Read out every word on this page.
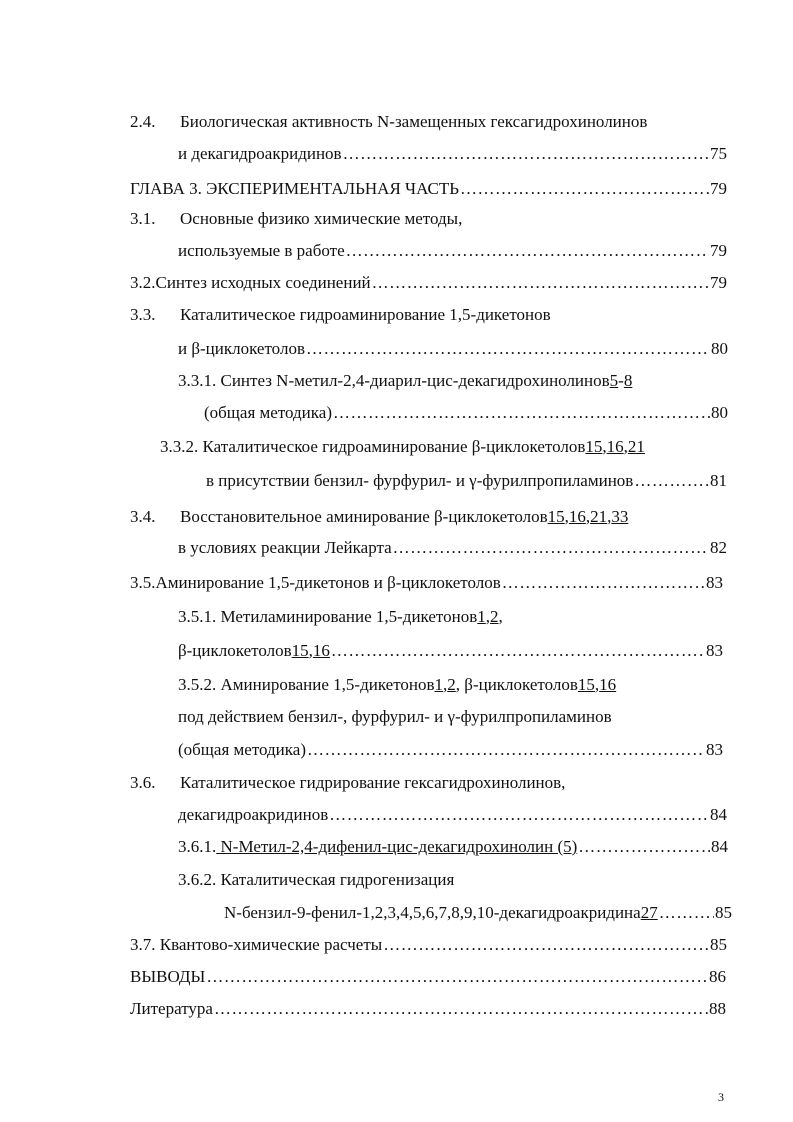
2.4.	Биологическая активность N-замещенных гексагидрохинолинов
и декагидроакридинов …………………………………………………………………………………………………………………………………………………………………………	75
ГЛАВА 3. ЭКСПЕРИМЕНТАЛЬНАЯ ЧАСТЬ …………………………………………………………………………………………………………………………………………………………………………	79
3.1.	Основные физико химические методы,
используемые в работе …………………………………………………………………………………………………………………………………………………………………………	79
3.2. Синтез исходных соединений …………………………………………………………………………………………………………………………………………………………………………	79
3.3.	Каталитическое гидроаминирование 1,5-дикетонов
и β-циклокетолов …………………………………………………………………………………………………………………………………………………………………………	80
3.3.1. Синтез N-метил-2,4-диарил-цис-декагидрохинолинов 5 - 8
(общая методика) …………………………………………………………………………………………………………………………………………………………………………	80
3.3.2. Каталитическое гидроаминирование β-циклокетолов 15 , 16 , 21
в присутствии бензил- фурфурил- и γ-фурилпропиламинов …………………………………………………………………………………………………………………………………………………………………………	81
3.4.	Восстановительное аминирование β-циклокетолов 15 , 16 , 21 , 33
в условиях реакции Лейкарта …………………………………………………………………………………………………………………………………………………………………………	82
3.5. Аминирование 1,5-дикетонов и β-циклокетолов …………………………………………………………………………………………………………………………………………………………………………	83
3.5.1. Метиламинирование 1,5-дикетонов 1 , 2 ,
β-циклокетолов 15 , 16 …………………………………………………………………………………………………………………………………………………………………………	83
3.5.2. Аминирование 1,5-дикетонов 1 , 2 , β-циклокетолов 15 , 16
под действием бензил-, фурфурил- и γ-фурилпропиламинов
(общая методика) …………………………………………………………………………………………………………………………………………………………………………	83
3.6.	Каталитическое гидрирование гексагидрохинолинов,
декагидроакридинов …………………………………………………………………………………………………………………………………………………………………………	84
3.6.1. N-Метил-2,4-дифенил-цис-декагидрохинолин (5) …………………………………………………………………………………………………………………………………………………………………………	84
3.6.2. Каталитическая гидрогенизация
N-бензил-9-фенил-1,2,3,4,5,6,7,8,9,10-декагидроакридина 27 …………………………………………………………………………………………………………………………………………………………………………	85
3.7. Квантово-химические расчеты …………………………………………………………………………………………………………………………………………………………………………	85
ВЫВОДЫ …………………………………………………………………………………………………………………………………………………………………………	86
Литература …………………………………………………………………………………………………………………………………………………………………………	88
3
